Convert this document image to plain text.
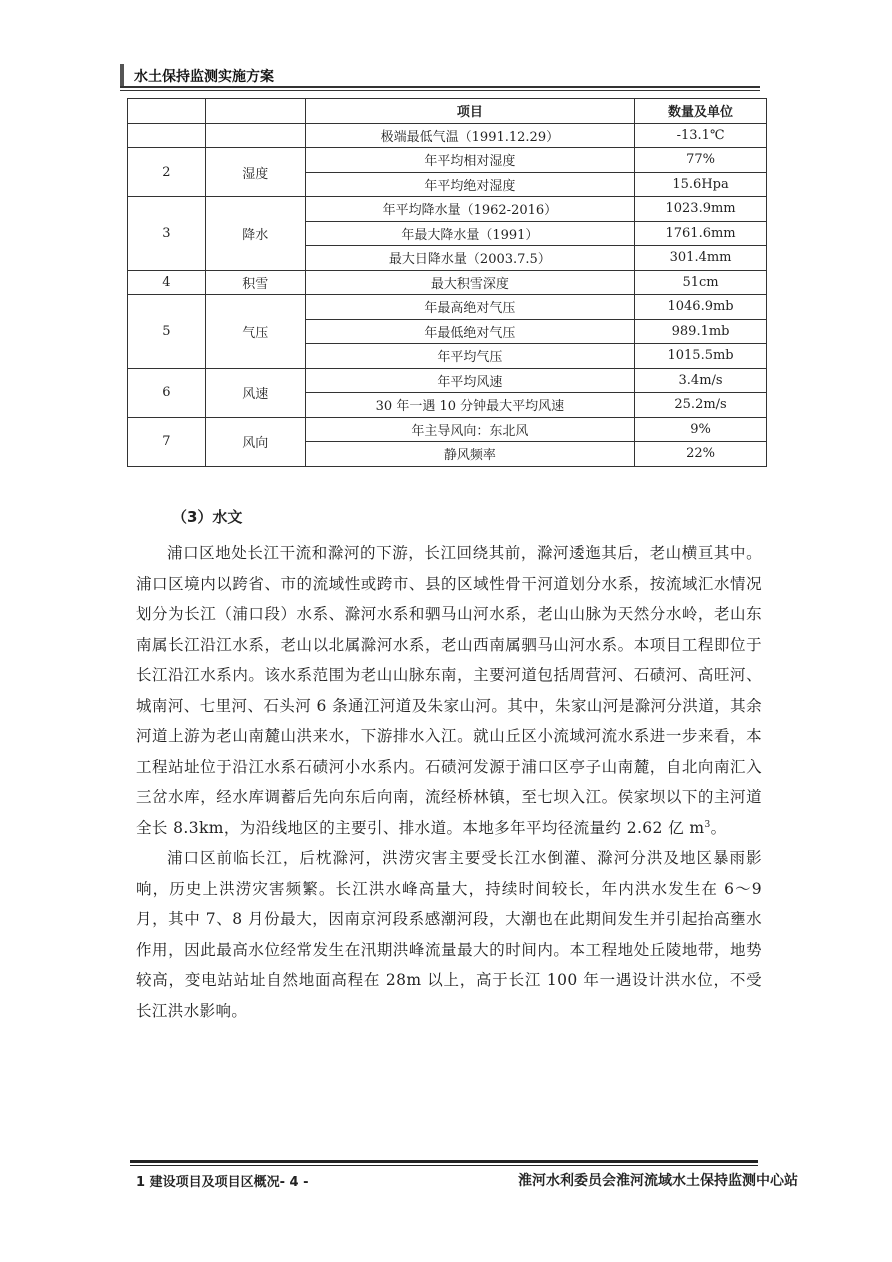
水土保持监测实施方案
		项目	数量及单位
		极端最低气温（1991.12.29）	-13.1℃
2	湿度	年平均相对湿度	77%
		年平均绝对湿度	15.6Hpa
3	降水	年平均降水量（1962-2016）	1023.9mm
		年最大降水量（1991）	1761.6mm
		最大日降水量（2003.7.5）	301.4mm
4	积雪	最大积雪深度	51cm
5	气压	年最高绝对气压	1046.9mb
		年最低绝对气压	989.1mb
		年平均气压	1015.5mb
6	风速	年平均风速	3.4m/s
		30 年一遇 10 分钟最大平均风速	25.2m/s
7	风向	年主导风向：东北风	9%
		静风频率	22%
（3）水文

浦口区地处长江干流和滁河的下游，长江回绕其前，滁河逶迤其后，老山横亘其中。浦口区境内以跨省、市的流域性或跨市、县的区域性骨干河道划分水系，按流域汇水情况划分为长江（浦口段）水系、滁河水系和驷马山河水系，老山山脉为天然分水岭，老山东南属长江沿江水系，老山以北属滁河水系，老山西南属驷马山河水系。本项目工程即位于长江沿江水系内。该水系范围为老山山脉东南，主要河道包括周营河、石碛河、高旺河、城南河、七里河、石头河 6 条通江河道及朱家山河。其中，朱家山河是滁河分洪道，其余河道上游为老山南麓山洪来水，下游排水入江。就山丘区小流域河流水系进一步来看，本工程站址位于沿江水系石碛河小水系内。石碛河发源于浦口区亭子山南麓，自北向南汇入三岔水库，经水库调蓄后先向东后向南，流经桥林镇，至七坝入江。侯家坝以下的主河道全长 8.3km，为沿线地区的主要引、排水道。本地多年平均径流量约 2.62 亿 $m^3$。

浦口区前临长江，后枕滁河，洪涝灾害主要受长江水倒灌、滁河分洪及地区暴雨影响，历史上洪涝灾害频繁。长江洪水峰高量大，持续时间较长，年内洪水发生在 6～9 月，其中 7、8 月份最大，因南京河段系感潮河段，大潮也在此期间发生并引起抬高壅水作用，因此最高水位经常发生在汛期洪峰流量最大的时间内。本工程地处丘陵地带，地势较高，变电站站址自然地面高程在 28m 以上，高于长江 100 年一遇设计洪水位，不受长江洪水影响。

1 建设项目及项目区概况- 4 -	淮河水利委员会淮河流域水土保持监测中心站
